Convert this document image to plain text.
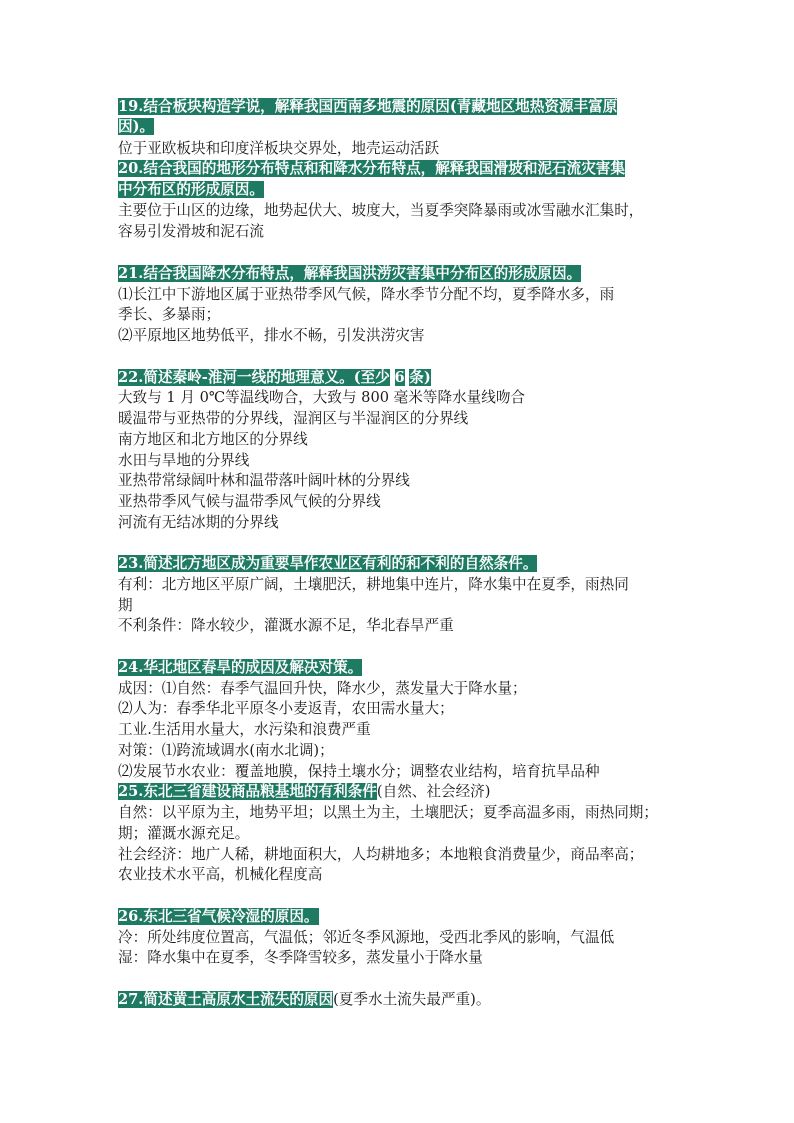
19.结合板块构造学说，解释我国西南多地震的原因(青藏地区地热资源丰富原
因)。
位于亚欧板块和印度洋板块交界处，地壳运动活跃
20.结合我国的地形分布特点和和降水分布特点，解释我国滑坡和泥石流灾害集
中分布区的形成原因。
主要位于山区的边缘，地势起伏大、坡度大，当夏季突降暴雨或冰雪融水汇集时，
容易引发滑坡和泥石流
21.结合我国降水分布特点，解释我国洪涝灾害集中分布区的形成原因。
⑴长江中下游地区属于亚热带季风气候，降水季节分配不均，夏季降水多，雨
季长、多暴雨；
⑵平原地区地势低平，排水不畅，引发洪涝灾害
22.简述秦岭-淮河一线的地理意义。(至少 6 条)
大致与 1 月 0℃等温线吻合，大致与 800 毫米等降水量线吻合
暖温带与亚热带的分界线，湿润区与半湿润区的分界线
南方地区和北方地区的分界线
水田与旱地的分界线
亚热带常绿阔叶林和温带落叶阔叶林的分界线
亚热带季风气候与温带季风气候的分界线
河流有无结冰期的分界线
23.简述北方地区成为重要旱作农业区有利的和不利的自然条件。
有利：北方地区平原广阔，土壤肥沃，耕地集中连片，降水集中在夏季，雨热同
期
不利条件：降水较少，灌溉水源不足，华北春旱严重
24.华北地区春旱的成因及解决对策。
成因：⑴自然：春季气温回升快，降水少，蒸发量大于降水量；
⑵人为：春季华北平原冬小麦返青，农田需水量大；
工业.生活用水量大，水污染和浪费严重
对策：⑴跨流域调水(南水北调)；
⑵发展节水农业：覆盖地膜，保持土壤水分；调整农业结构，培育抗旱品种
25.东北三省建设商品粮基地的有利条件(自然、社会经济)
自然：以平原为主，地势平坦；以黑土为主，土壤肥沃；夏季高温多雨，雨热同期；
期；灌溉水源充足。
社会经济：地广人稀，耕地面积大，人均耕地多；本地粮食消费量少，商品率高；
农业技术水平高，机械化程度高
26.东北三省气候冷湿的原因。
冷：所处纬度位置高，气温低；邻近冬季风源地，受西北季风的影响，气温低
湿：降水集中在夏季，冬季降雪较多，蒸发量小于降水量
27.简述黄土高原水土流失的原因(夏季水土流失最严重)。
